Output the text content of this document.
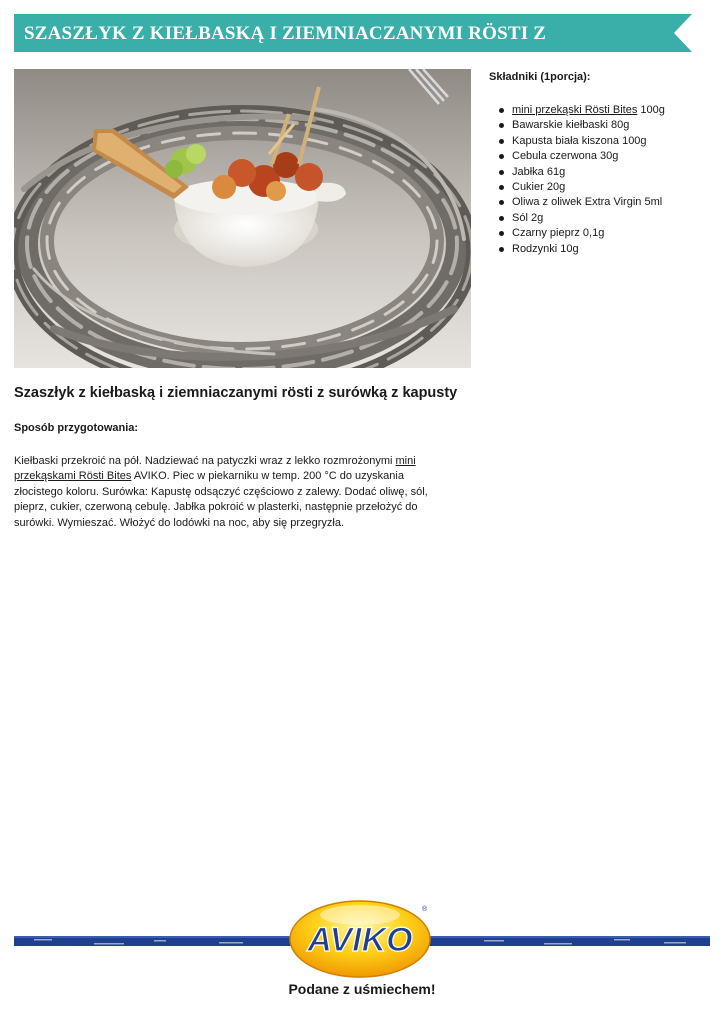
SZASZŁYK Z KIEŁBASKĄ I ZIEMNIACZANYMI RÖSTI Z
Składniki (1porcja):
mini przekąski Rösti Bites 100g
Bawarskie kiełbaski 80g
Kapusta biała kiszona 100g
Cebula czerwona 30g
Jabłka 61g
Cukier 20g
Oliwa z oliwek Extra Virgin 5ml
Sól 2g
Czarny pieprz 0,1g
Rodzynki 10g
Szaszłyk z kiełbaską i ziemniaczanymi rösti z surówką z kapusty
Sposób przygotowania:

Kiełbaski przekroić na pół. Nadziewać na patyczki wraz z lekko rozmrożonymi mini przekąskami Rösti Bites AVIKO. Piec w piekarniku w temp. 200 °C do uzyskania złocistego koloru. Surówka: Kapustę odsączyć częściowo z zalewy. Dodać oliwę, sól, pieprz, cukier, czerwoną cebulę. Jabłka pokroić w plasterki, następnie przełożyć do surówki. Wymieszać. Włożyć do lodówki na noc, aby się przegryzła.

AVIKO
®
Podane z uśmiechem!
